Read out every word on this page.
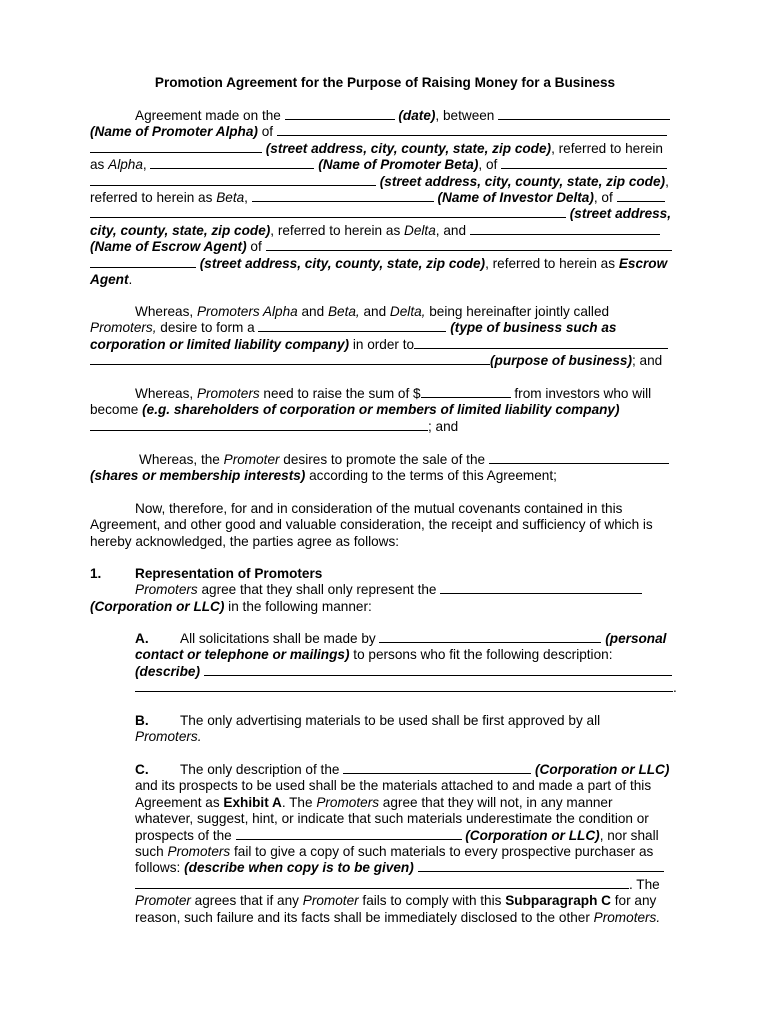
Promotion Agreement for the Purpose of Raising Money for a Business
Agreement made on the	(date), between
(Name of Promoter Alpha) of
(street address, city, county, state, zip code), referred to herein
as Alpha,	(Name of Promoter Beta), of
(street address, city, county, state, zip code),
referred to herein as Beta,	(Name of Investor Delta), of
(street address,
city, county, state, zip code), referred to herein as Delta, and
(Name of Escrow Agent) of
(street address, city, county, state, zip code), referred to herein as Escrow
Agent.
Whereas, Promoters Alpha and Beta, and Delta, being hereinafter jointly called
Promoters, desire to form a	(type of business such as
corporation or limited liability company) in order to
(purpose of business); and
Whereas, Promoters need to raise the sum of $	from investors who will
become (e.g. shareholders of corporation or members of limited liability company)
; and
Whereas, the Promoter desires to promote the sale of the
(shares or membership interests) according to the terms of this Agreement;
Now, therefore, for and in consideration of the mutual covenants contained in this
Agreement, and other good and valuable consideration, the receipt and sufficiency of which is
hereby acknowledged, the parties agree as follows:
1. Representation of Promoters
Promoters agree that they shall only represent the
(Corporation or LLC) in the following manner:
A. All solicitations shall be made by	(personal
contact or telephone or mailings) to persons who fit the following description:
(describe)
.
B. The only advertising materials to be used shall be first approved by all
Promoters.
C. The only description of the	(Corporation or LLC)
and its prospects to be used shall be the materials attached to and made a part of this
Agreement as Exhibit A. The Promoters agree that they will not, in any manner
whatever, suggest, hint, or indicate that such materials underestimate the condition or
prospects of the	(Corporation or LLC), nor shall
such Promoters fail to give a copy of such materials to every prospective purchaser as
follows: (describe when copy is to be given)
. The
Promoter agrees that if any Promoter fails to comply with this Subparagraph C for any
reason, such failure and its facts shall be immediately disclosed to the other Promoters.
